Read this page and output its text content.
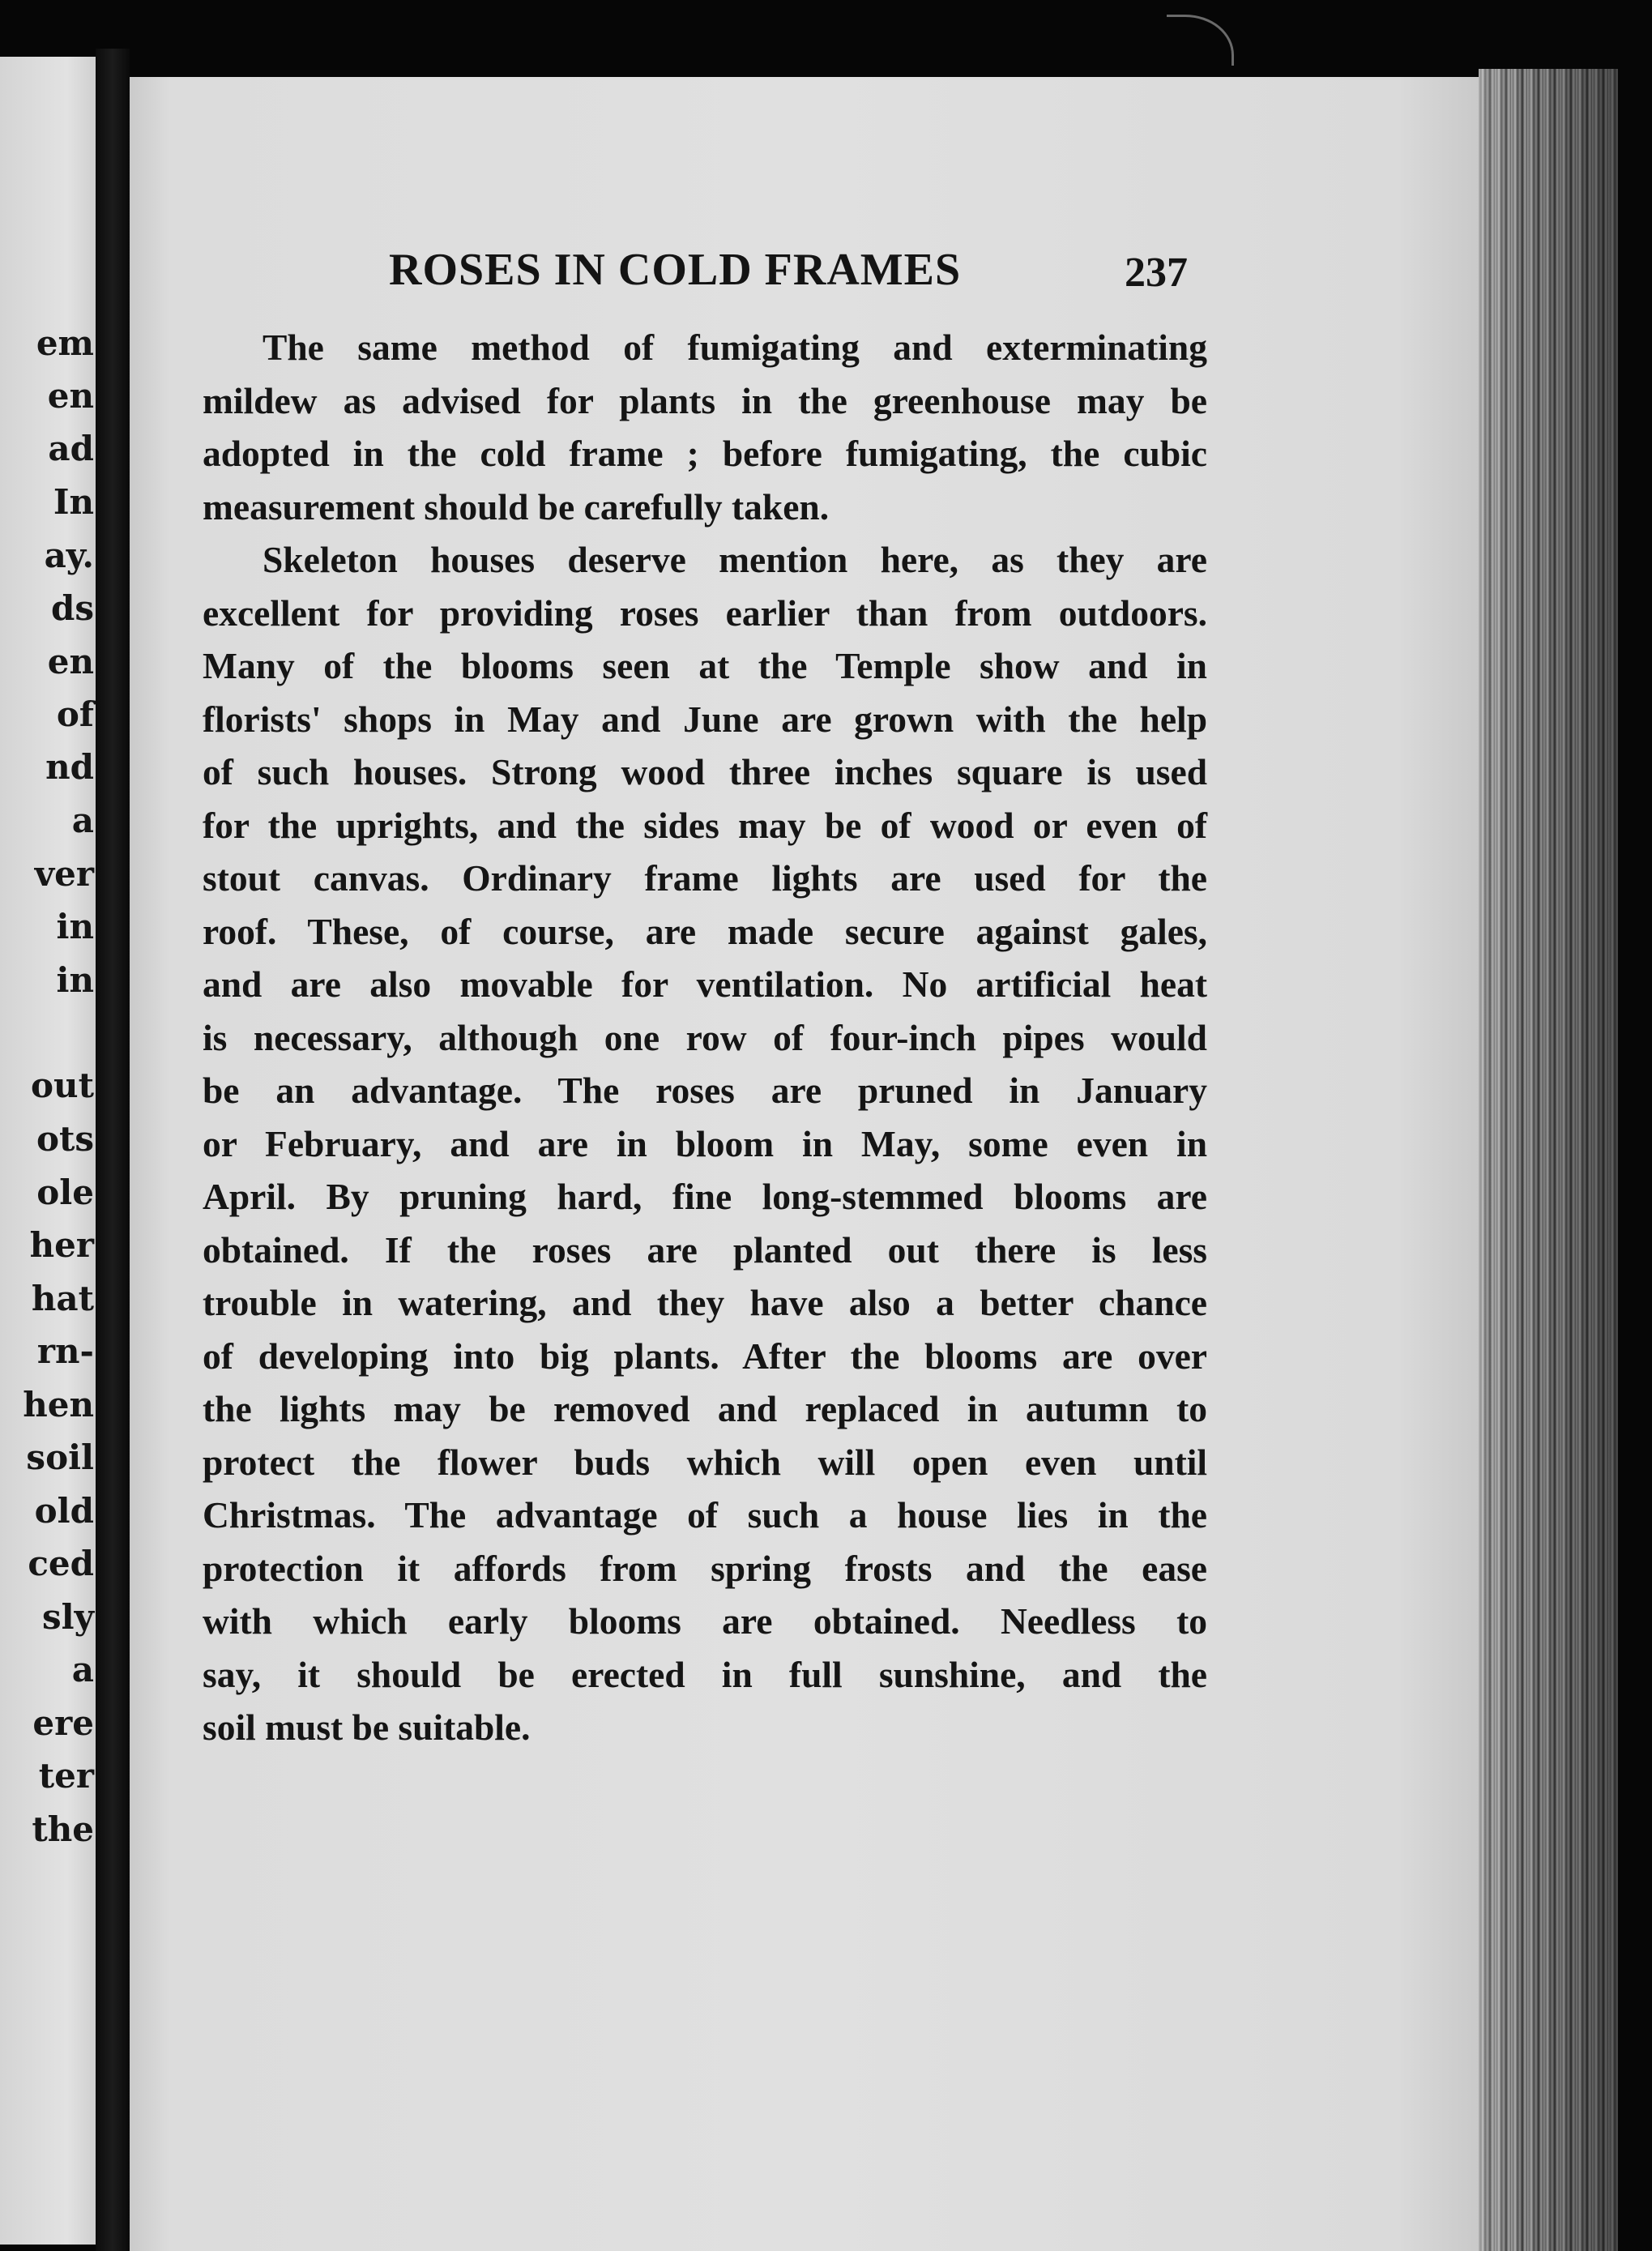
em

en

ad

In

ay.

ds

en

of

nd

a

ver

in

in

out

ots

ole

her

hat

rn-

hen

soil

old

ced

sly

a

ere

ter

the

ROSES IN COLD FRAMES	237

The same method of fumigating and exterminating
mildew as advised for plants in the greenhouse may be
adopted in the cold frame ; before fumigating, the cubic
measurement should be carefully taken.

Skeleton houses deserve mention here, as they are
excellent for providing roses earlier than from outdoors.
Many of the blooms seen at the Temple show and in
florists' shops in May and June are grown with the help
of such houses. Strong wood three inches square is used
for the uprights, and the sides may be of wood or even of
stout canvas. Ordinary frame lights are used for the
roof. These, of course, are made secure against gales,
and are also movable for ventilation. No artificial heat
is necessary, although one row of four-inch pipes would
be an advantage. The roses are pruned in January
or February, and are in bloom in May, some even in
April. By pruning hard, fine long-stemmed blooms are
obtained. If the roses are planted out there is less
trouble in watering, and they have also a better chance
of developing into big plants. After the blooms are over
the lights may be removed and replaced in autumn to
protect the flower buds which will open even until
Christmas. The advantage of such a house lies in the
protection it affords from spring frosts and the ease
with which early blooms are obtained. Needless to
say, it should be erected in full sunshine, and the
soil must be suitable.
